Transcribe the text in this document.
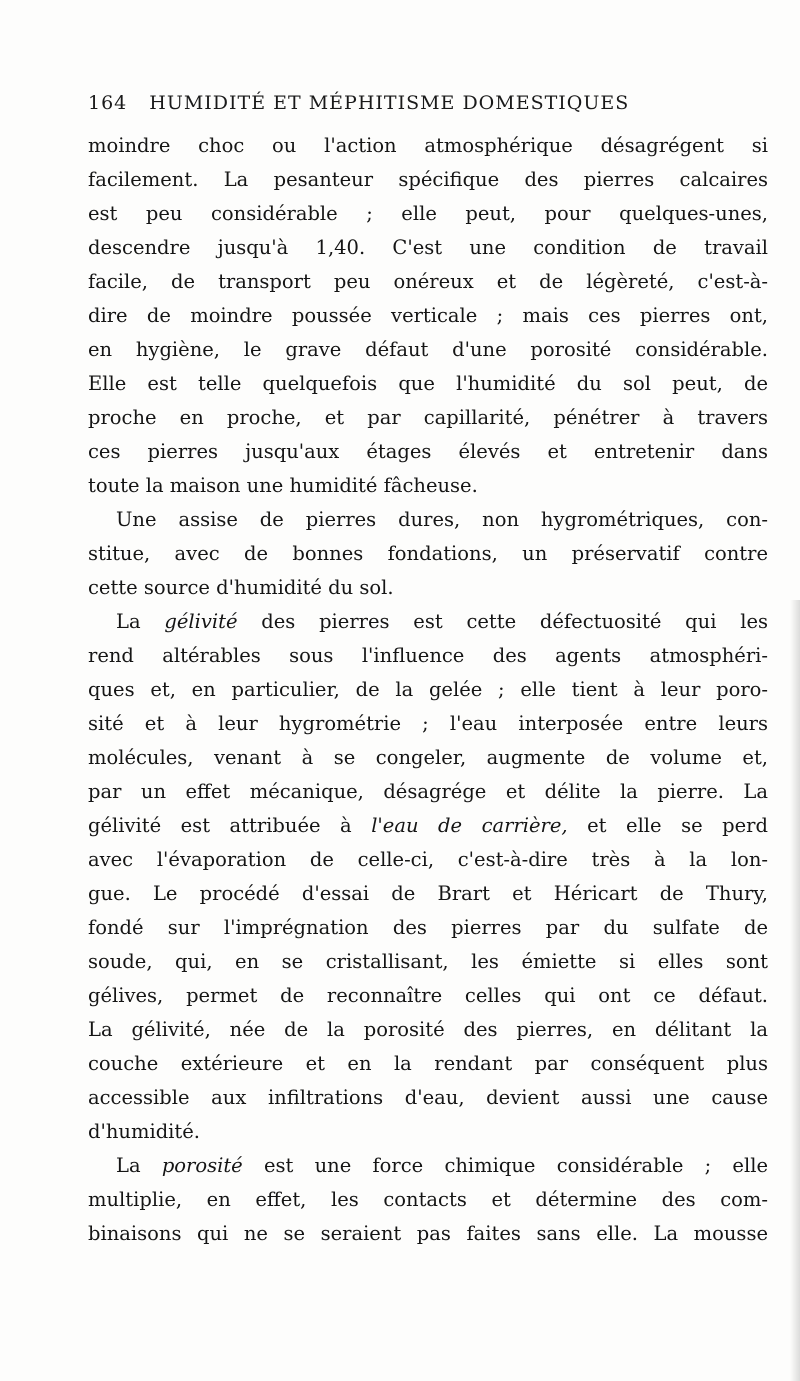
164 HUMIDITÉ ET MÉPHITISME DOMESTIQUES
moindre choc ou l'action atmosphérique désagrégent si
facilement. La pesanteur spécifique des pierres calcaires
est peu considérable ; elle peut, pour quelques-unes,
descendre jusqu'à 1,40. C'est une condition de travail
facile, de transport peu onéreux et de légèreté, c'est-à-
dire de moindre poussée verticale ; mais ces pierres ont,
en hygiène, le grave défaut d'une porosité considérable.
Elle est telle quelquefois que l'humidité du sol peut, de
proche en proche, et par capillarité, pénétrer à travers
ces pierres jusqu'aux étages élevés et entretenir dans
toute la maison une humidité fâcheuse.
Une assise de pierres dures, non hygrométriques, con-
stitue, avec de bonnes fondations, un préservatif contre
cette source d'humidité du sol.
La gélivité des pierres est cette défectuosité qui les
rend altérables sous l'influence des agents atmosphéri-
ques et, en particulier, de la gelée ; elle tient à leur poro-
sité et à leur hygrométrie ; l'eau interposée entre leurs
molécules, venant à se congeler, augmente de volume et,
par un effet mécanique, désagrége et délite la pierre. La
gélivité est attribuée à l'eau de carrière, et elle se perd
avec l'évaporation de celle-ci, c'est-à-dire très à la lon-
gue. Le procédé d'essai de Brart et Héricart de Thury,
fondé sur l'imprégnation des pierres par du sulfate de
soude, qui, en se cristallisant, les émiette si elles sont
gélives, permet de reconnaître celles qui ont ce défaut.
La gélivité, née de la porosité des pierres, en délitant la
couche extérieure et en la rendant par conséquent plus
accessible aux infiltrations d'eau, devient aussi une cause
d'humidité.
La porosité est une force chimique considérable ; elle
multiplie, en effet, les contacts et détermine des com-
binaisons qui ne se seraient pas faites sans elle. La mousse
